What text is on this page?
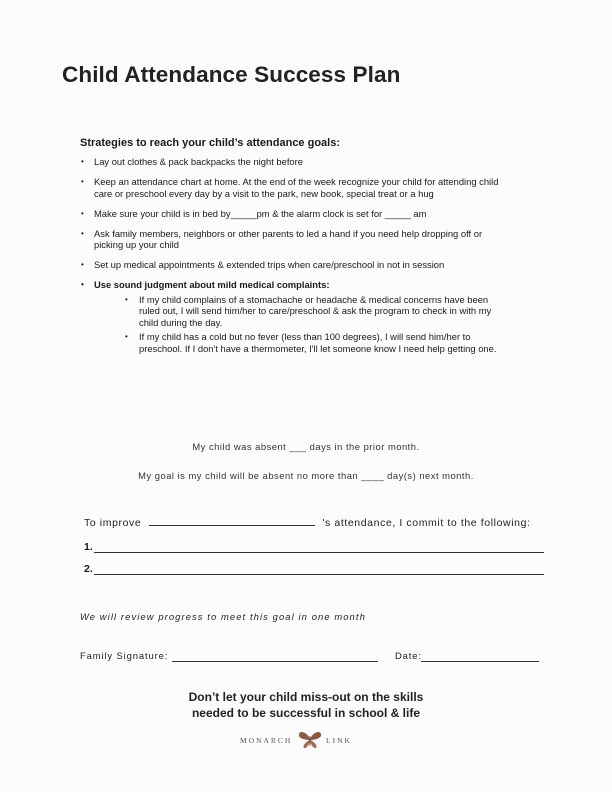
Child Attendance Success Plan
Strategies to reach your child’s attendance goals:
• Lay out clothes & pack backpacks the night before
• Keep an attendance chart at home. At the end of the week recognize your child for attending child care or preschool every day by a visit to the park, new book, special treat or a hug
• Make sure your child is in bed by_____pm & the alarm clock is set for _____ am
• Ask family members, neighbors or other parents to led a hand if you need help dropping off or picking up your child
• Set up medical appointments & extended trips when care/preschool in not in session
• Use sound judgment about mild medical complaints:
• If my child complains of a stomachache or headache & medical concerns have been ruled out, I will send him/her to care/preschool & ask the program to check in with my child during the day.
• If my child has a cold but no fever (less than 100 degrees), I will send him/her to preschool. If I don't have a thermometer, I'll let someone know I need help getting one.
My child was absent ___ days in the prior month.
My goal is my child will be absent no more than ____ day(s) next month.
To improve	's attendance, I commit to the following:
1.
2.
We will review progress to meet this goal in one month
Family Signature:	Date:
Don’t let your child miss-out on the skills
needed to be successful in school & life
MONARCH	LINK
